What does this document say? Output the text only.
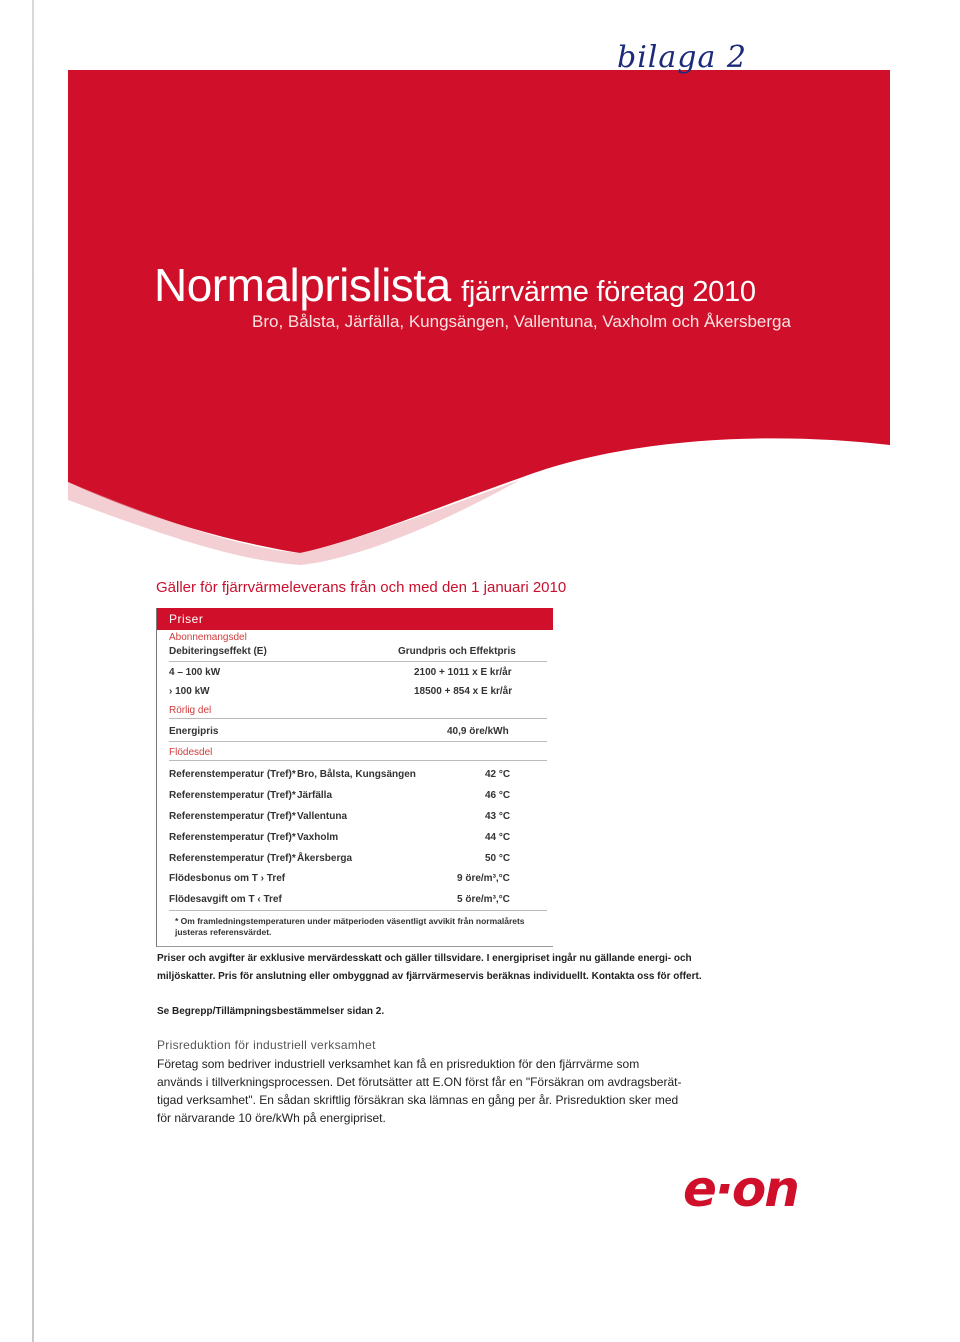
bilaga 2
Normalprislista fjärrvärme företag 2010
Bro, Bålsta, Järfälla, Kungsängen, Vallentuna, Vaxholm och Åkersberga
Gäller för fjärrvärmeleverans från och med den 1 januari 2010
Priser
Abonnemangsdel
Debiteringseffekt (E)	Grundpris och Effektpris
4 – 100 kW	2100 + 1011 x E kr/år
› 100 kW	18500 + 854 x E kr/år
Rörlig del
Energipris	40,9 öre/kWh
Flödesdel
Referenstemperatur (Tref)* Bro, Bålsta, Kungsängen	42 °C
Referenstemperatur (Tref)* Järfälla	46 °C
Referenstemperatur (Tref)* Vallentuna	43 °C
Referenstemperatur (Tref)* Vaxholm	44 °C
Referenstemperatur (Tref)* Åkersberga	50 °C
Flödesbonus om T › Tref	9 öre/m³,°C
Flödesavgift om T ‹ Tref	5 öre/m³,°C
* Om framledningstemperaturen under mätperioden väsentligt avvikit från normalårets
justeras referensvärdet.
Priser och avgifter är exklusive mervärdesskatt och gäller tillsvidare. I energipriset ingår nu gällande energi- och
miljöskatter. Pris för anslutning eller ombyggnad av fjärrvärmeservis beräknas individuellt. Kontakta oss för offert.
Se Begrepp/Tillämpningsbestämmelser sidan 2.
Prisreduktion för industriell verksamhet
Företag som bedriver industriell verksamhet kan få en prisreduktion för den fjärrvärme som
används i tillverkningsprocessen. Det förutsätter att E.ON först får en "Försäkran om avdragsberät-
tigad verksamhet". En sådan skriftlig försäkran ska lämnas en gång per år. Prisreduktion sker med
för närvarande 10 öre/kWh på energipriset.
e·on
